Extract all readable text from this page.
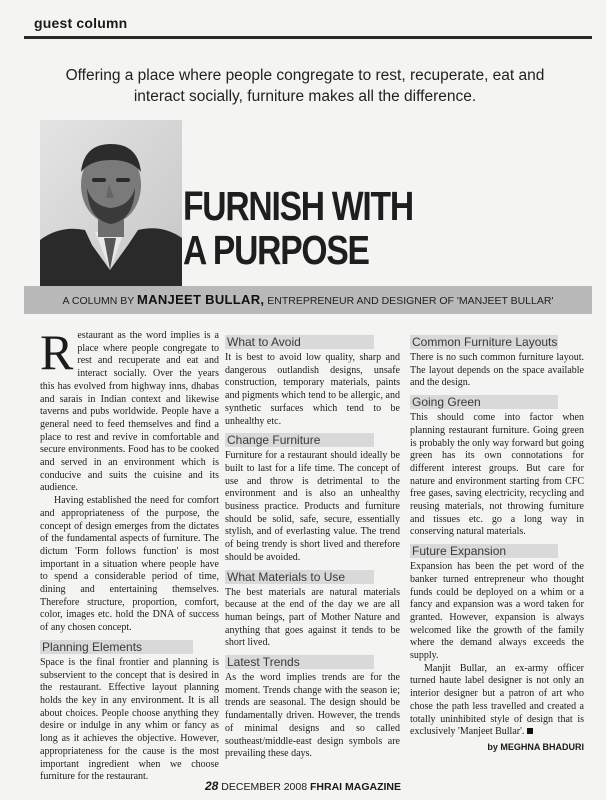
guest column
Offering a place where people congregate to rest, recuperate, eat and interact socially, furniture makes all the difference.
FURNISH WITH
A PURPOSE
A COLUMN BY MANJEET BULLAR, ENTREPRENEUR AND DESIGNER OF 'MANJEET BULLAR'

Restaurant as the word implies is a place where people congregate to rest and recuperate and eat and interact socially. Over the years this has evolved from highway inns, dhabas and sarais in Indian context and likewise taverns and pubs worldwide. People have a general need to feed themselves and find a place to rest and revive in comfortable and secure environments. Food has to be cooked and served in an environment which is conducive and suits the cuisine and its audience.

Having established the need for comfort and appropriateness of the purpose, the concept of design emerges from the dictates of the fundamental aspects of furniture. The dictum 'Form follows function' is most important in a situation where people have to spend a considerable period of time, dining and entertaining themselves. Therefore structure, proportion, comfort, color, images etc. hold the DNA of success of any chosen concept.

Planning Elements

Space is the final frontier and planning is subservient to the concept that is desired in the restaurant. Effective layout planning holds the key in any environment. It is all about choices. People choose anything they desire or indulge in any whim or fancy as long as it achieves the objective. However, appropriateness for the cause is the most important ingredient when we choose furniture for the restaurant.

What to Avoid

It is best to avoid low quality, sharp and dangerous outlandish designs, unsafe construction, temporary materials, paints and pigments which tend to be allergic, and synthetic surfaces which tend to be unhealthy etc.

Change Furniture

Furniture for a restaurant should ideally be built to last for a life time. The concept of use and throw is detrimental to the environment and is also an unhealthy business practice. Products and furniture should be solid, safe, secure, essentially stylish, and of everlasting value. The trend of being trendy is short lived and therefore should be avoided.

What Materials to Use

The best materials are natural materials because at the end of the day we are all human beings, part of Mother Nature and anything that goes against it tends to be short lived.

Latest Trends

As the word implies trends are for the moment. Trends change with the season ie; trends are seasonal. The design should be fundamentally driven. However, the trends of minimal designs and so called southeast/middle-east design symbols are prevailing these days.

Common Furniture Layouts

There is no such common furniture layout. The layout depends on the space available and the design.

Going Green

This should come into factor when planning restaurant furniture. Going green is probably the only way forward but going green has its own connotations for different interest groups. But care for nature and environment starting from CFC free gases, saving electricity, recycling and reusing materials, not throwing furniture and tissues etc. go a long way in conserving natural materials.

Future Expansion

Expansion has been the pet word of the banker turned entrepreneur who thought funds could be deployed on a whim or a fancy and expansion was a word taken for granted. However, expansion is always welcomed like the growth of the family where the demand always exceeds the supply.

Manjit Bullar, an ex-army officer turned haute label designer is not only an interior designer but a patron of art who chose the path less travelled and created a totally uninhibited style of design that is exclusively 'Manjeet Bullar'.

by MEGHNA BHADURI
28 DECEMBER 2008 FHRAI MAGAZINE
